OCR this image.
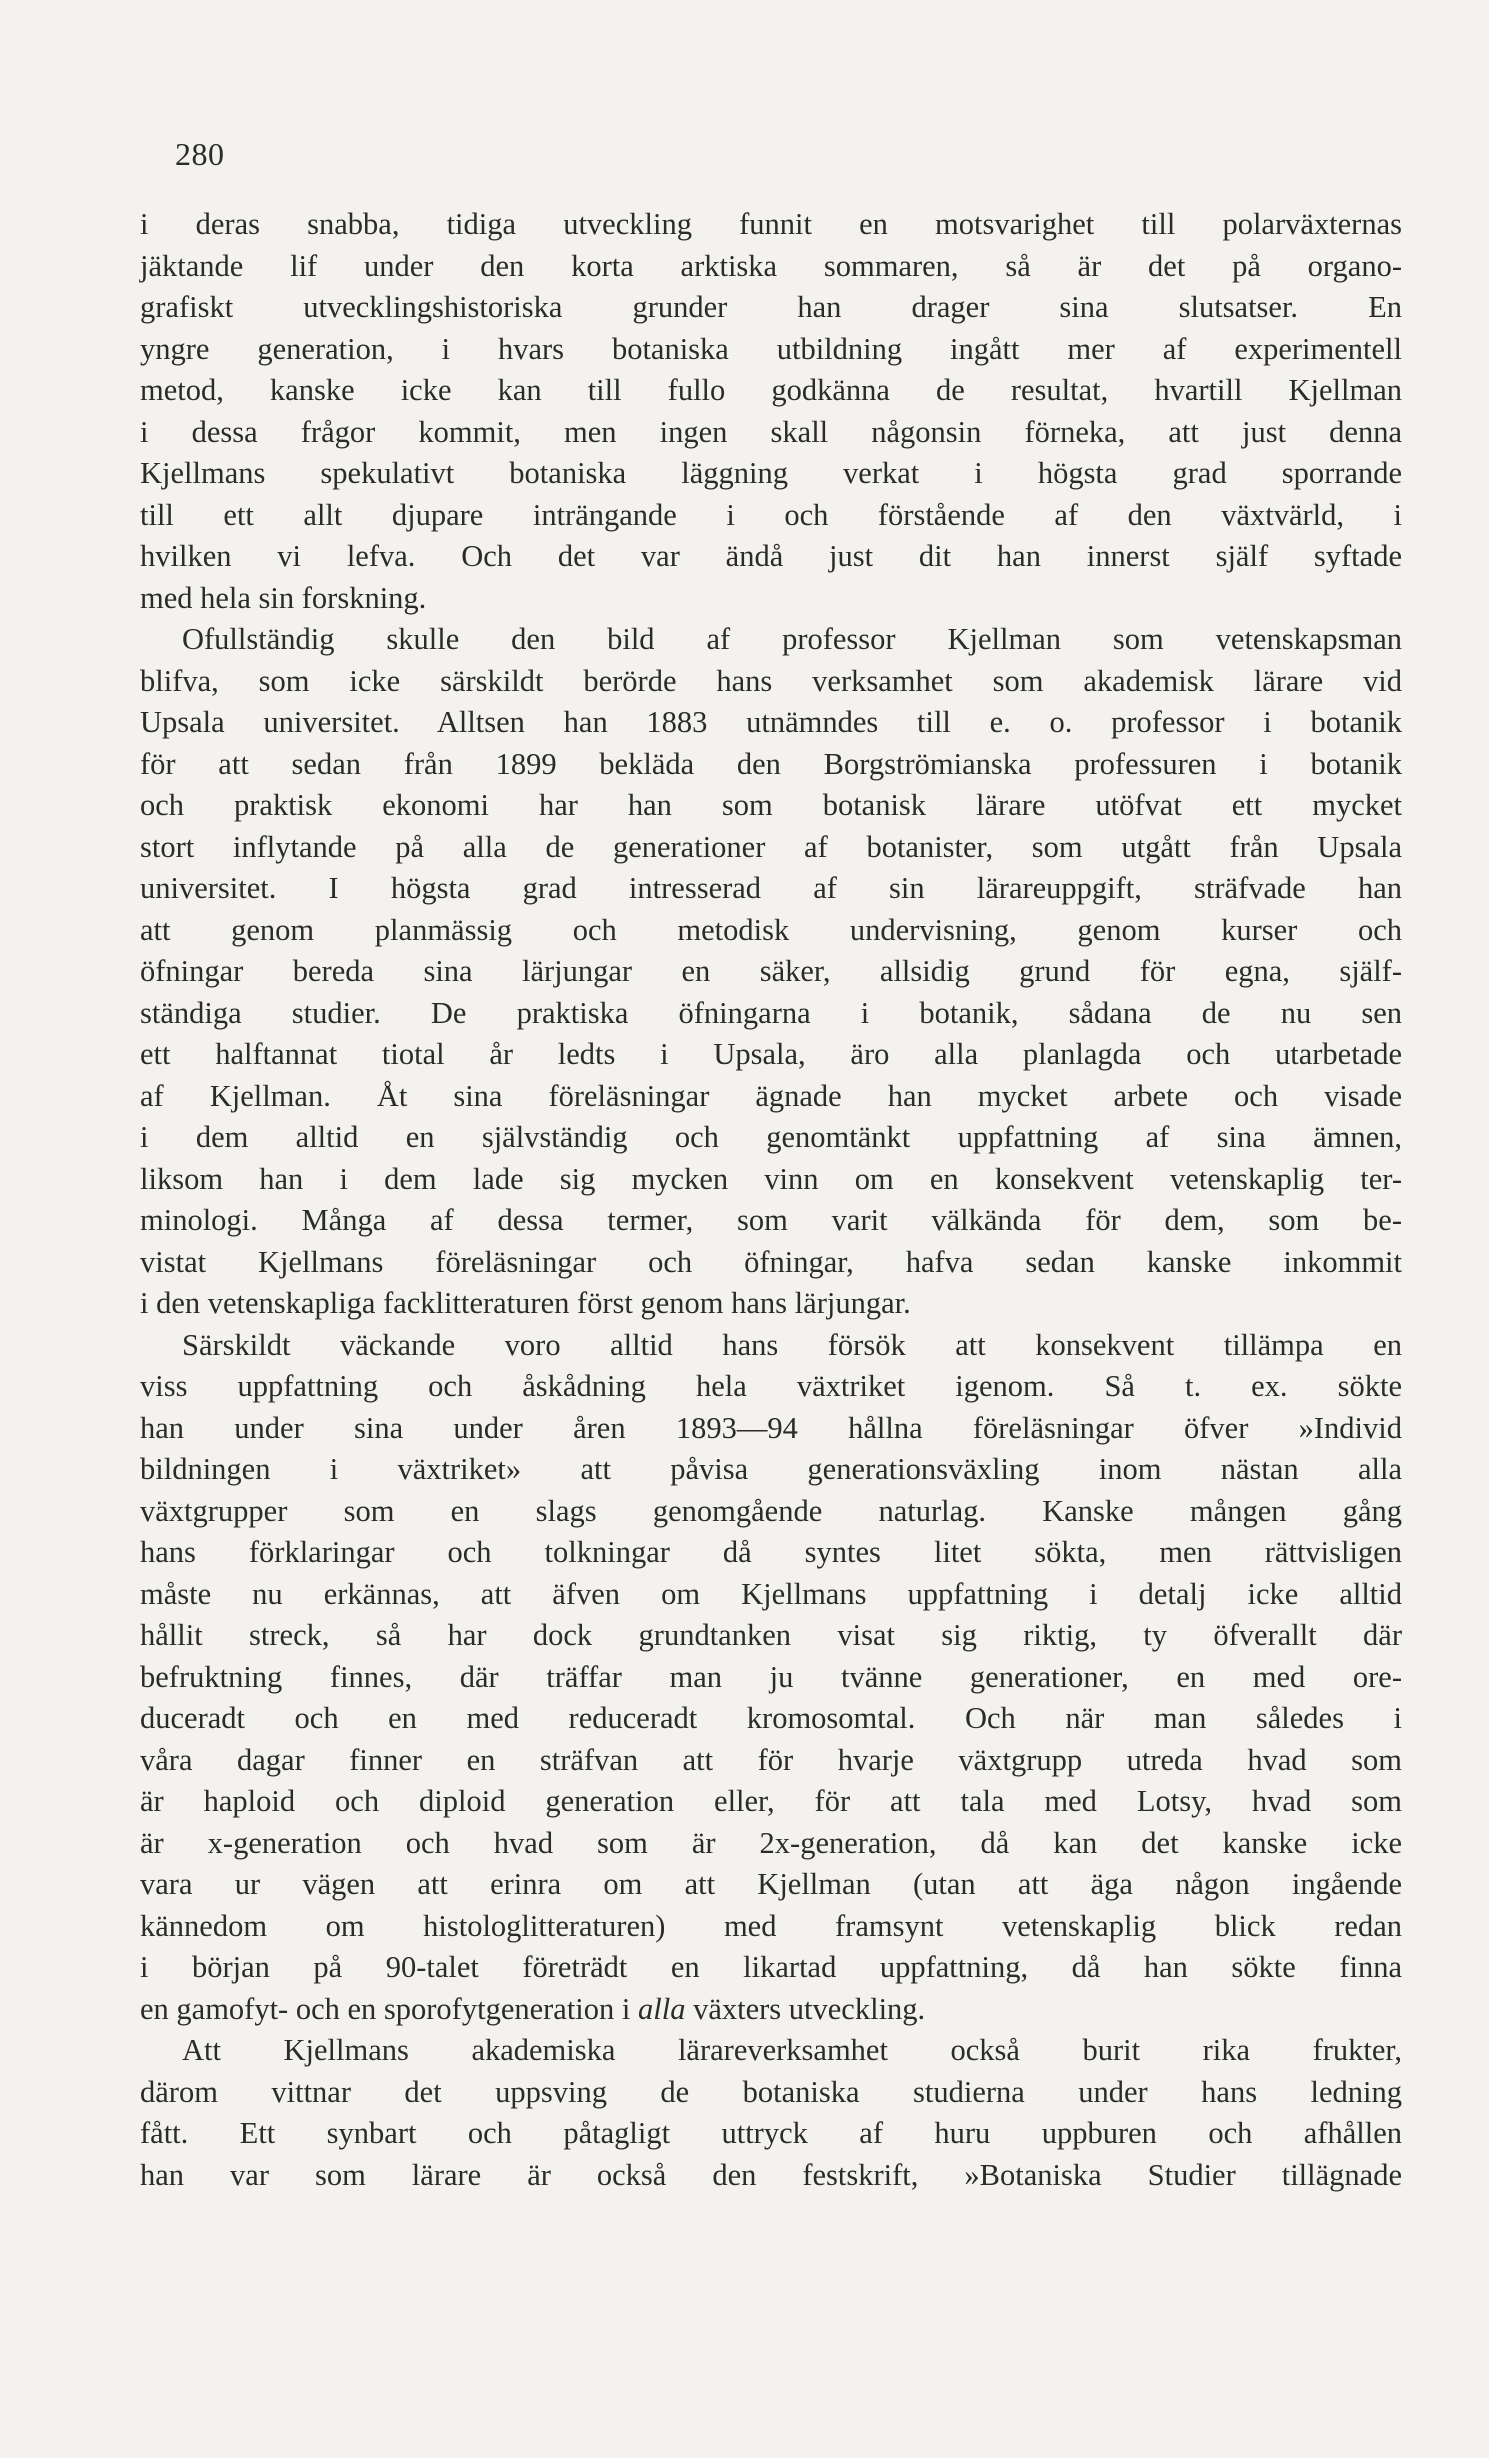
280
i deras snabba, tidiga utveckling funnit en motsvarighet till polarväxternas
jäktande lif under den korta arktiska sommaren, så är det på organo-
grafiskt utvecklingshistoriska grunder han drager sina slutsatser. En
yngre generation, i hvars botaniska utbildning ingått mer af experimentell
metod, kanske icke kan till fullo godkänna de resultat, hvartill Kjellman
i dessa frågor kommit, men ingen skall någonsin förneka, att just denna
Kjellmans spekulativt botaniska läggning verkat i högsta grad sporrande
till ett allt djupare inträngande i och förstående af den växtvärld, i
hvilken vi lefva. Och det var ändå just dit han innerst själf syftade
med hela sin forskning.
Ofullständig skulle den bild af professor Kjellman som vetenskapsman
blifva, som icke särskildt berörde hans verksamhet som akademisk lärare vid
Upsala universitet. Alltsen han 1883 utnämndes till e. o. professor i botanik
för att sedan från 1899 bekläda den Borgströmianska professuren i botanik
och praktisk ekonomi har han som botanisk lärare utöfvat ett mycket
stort inflytande på alla de generationer af botanister, som utgått från Upsala
universitet. I högsta grad intresserad af sin lärareuppgift, sträfvade han
att genom planmässig och metodisk undervisning, genom kurser och
öfningar bereda sina lärjungar en säker, allsidig grund för egna, själf-
ständiga studier. De praktiska öfningarna i botanik, sådana de nu sen
ett halftannat tiotal år ledts i Upsala, äro alla planlagda och utarbetade
af Kjellman. Åt sina föreläsningar ägnade han mycket arbete och visade
i dem alltid en självständig och genomtänkt uppfattning af sina ämnen,
liksom han i dem lade sig mycken vinn om en konsekvent vetenskaplig ter-
minologi. Många af dessa termer, som varit välkända för dem, som be-
vistat Kjellmans föreläsningar och öfningar, hafva sedan kanske inkommit
i den vetenskapliga facklitteraturen först genom hans lärjungar.
Särskildt väckande voro alltid hans försök att konsekvent tillämpa en
viss uppfattning och åskådning hela växtriket igenom. Så t. ex. sökte
han under sina under åren 1893—94 hållna föreläsningar öfver »Individ
bildningen i växtriket» att påvisa generationsväxling inom nästan alla
växtgrupper som en slags genomgående naturlag. Kanske mången gång
hans förklaringar och tolkningar då syntes litet sökta, men rättvisligen
måste nu erkännas, att äfven om Kjellmans uppfattning i detalj icke alltid
hållit streck, så har dock grundtanken visat sig riktig, ty öfverallt där
befruktning finnes, där träffar man ju tvänne generationer, en med ore-
duceradt och en med reduceradt kromosomtal. Och när man således i
våra dagar finner en sträfvan att för hvarje växtgrupp utreda hvad som
är haploid och diploid generation eller, för att tala med Lotsy, hvad som
är x-generation och hvad som är 2x-generation, då kan det kanske icke
vara ur vägen att erinra om att Kjellman (utan att äga någon ingående
kännedom om histologlitteraturen) med framsynt vetenskaplig blick redan
i början på 90-talet företrädt en likartad uppfattning, då han sökte finna
en gamofyt- och en sporofytgeneration i alla växters utveckling.
Att Kjellmans akademiska lärareverksamhet också burit rika frukter,
därom vittnar det uppsving de botaniska studierna under hans ledning
fått. Ett synbart och påtagligt uttryck af huru uppburen och afhållen
han var som lärare är också den festskrift, »Botaniska Studier tillägnade
